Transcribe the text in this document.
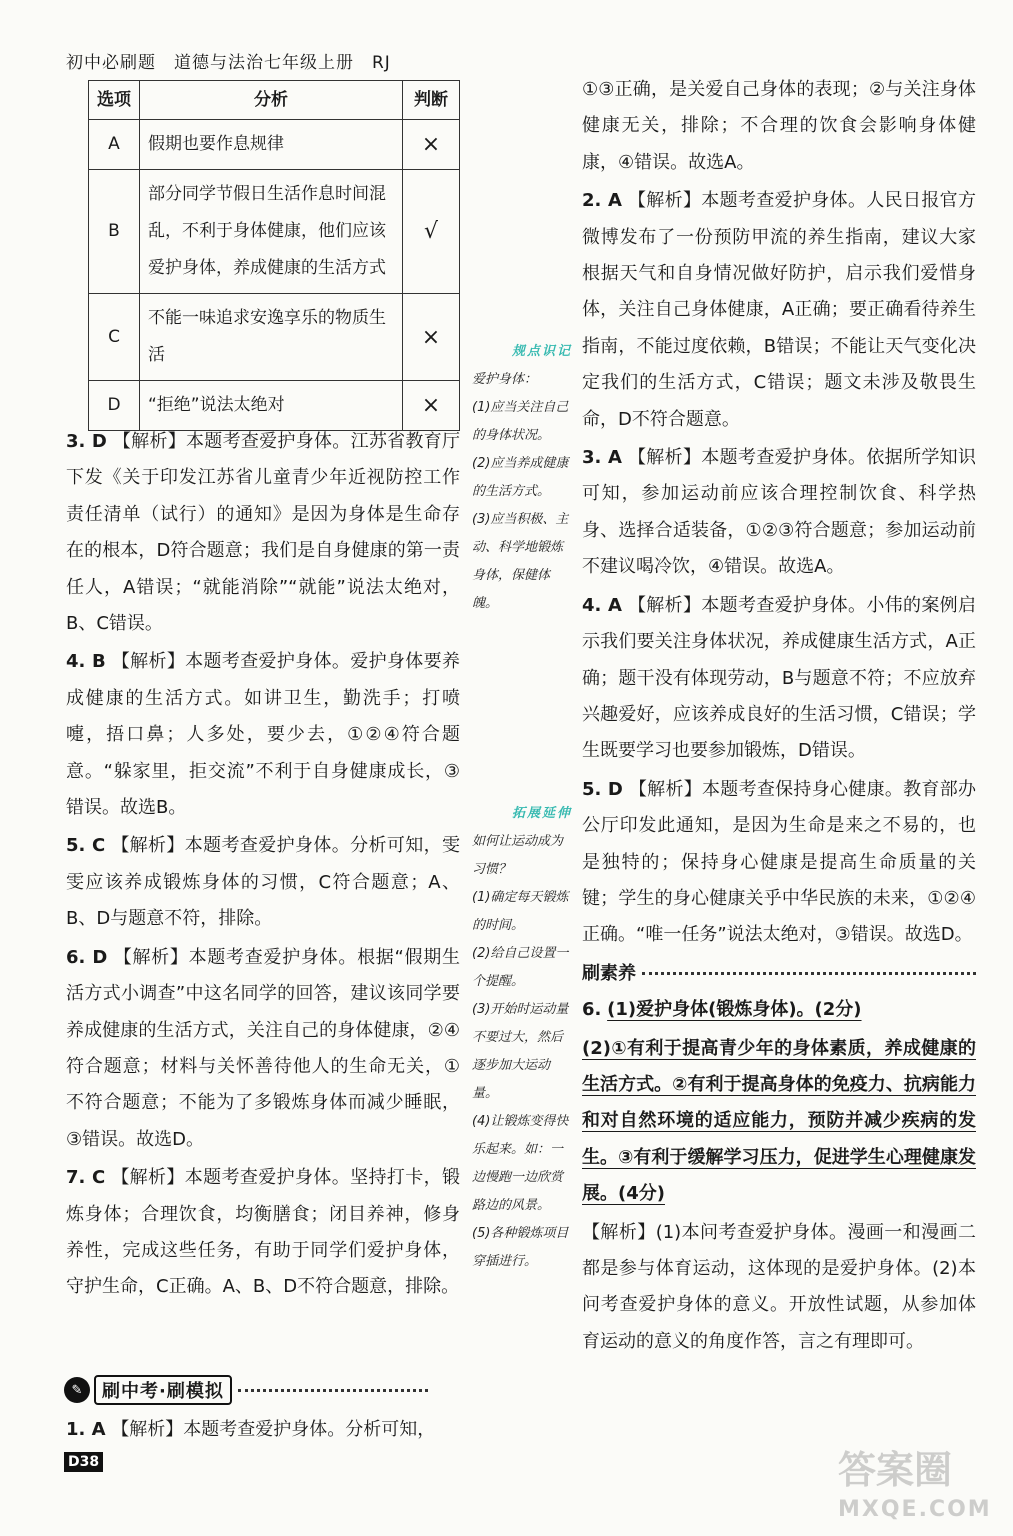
初中必刷题 道德与法治七年级上册 RJ
选项	分析	判断
A	假期也要作息规律	×
B	部分同学节假日生活作息时间混乱，不利于身体健康，他们应该爱护身体，养成健康的生活方式	√
C	不能一味追求安逸享乐的物质生活	×
D	“拒绝”说法太绝对	×
3. D 【解析】本题考查爱护身体。江苏省教育厅下发《关于印发江苏省儿童青少年近视防控工作责任清单（试行）的通知》是因为身体是生命存在的根本，D符合题意；我们是自身健康的第一责任人，A错误；“就能消除”“就能”说法太绝对，B、C错误。
4. B 【解析】本题考查爱护身体。爱护身体要养成健康的生活方式。如讲卫生，勤洗手；打喷嚏，捂口鼻；人多处，要少去，①②④符合题意。“躲家里，拒交流”不利于自身健康成长，③错误。故选B。
5. C 【解析】本题考查爱护身体。分析可知，雯雯应该养成锻炼身体的习惯，C符合题意；A、B、D与题意不符，排除。
6. D 【解析】本题考查爱护身体。根据“假期生活方式小调查”中这名同学的回答，建议该同学要养成健康的生活方式，关注自己的身体健康，②④符合题意；材料与关怀善待他人的生命无关，①不符合题意；不能为了多锻炼身体而减少睡眠，③错误。故选D。
7. C 【解析】本题考查爱护身体。坚持打卡，锻炼身体；合理饮食，均衡膳食；闭目养神，修身养性，完成这些任务，有助于同学们爱护身体，守护生命，C正确。A、B、D不符合题意，排除。
✎	刷中考·刷模拟
1. A 【解析】本题考查爱护身体。分析可知，
规点识记
爱护身体：
(1)应当关注自己的身体状况。
(2)应当养成健康的生活方式。
(3)应当积极、主动、科学地锻炼身体，保健体魄。
拓展延伸
如何让运动成为习惯？
(1)确定每天锻炼的时间。
(2)给自己设置一个提醒。
(3)开始时运动量不要过大，然后逐步加大运动量。
(4)让锻炼变得快乐起来。如：一边慢跑一边欣赏路边的风景。
(5)各种锻炼项目穿插进行。
①③正确，是关爱自己身体的表现；②与关注身体健康无关，排除；不合理的饮食会影响身体健康，④错误。故选A。
2. A 【解析】本题考查爱护身体。人民日报官方微博发布了一份预防甲流的养生指南，建议大家根据天气和自身情况做好防护，启示我们爱惜身体，关注自己身体健康，A正确；要正确看待养生指南，不能过度依赖，B错误；不能让天气变化决定我们的生活方式，C错误；题文未涉及敬畏生命，D不符合题意。
3. A 【解析】本题考查爱护身体。依据所学知识可知，参加运动前应该合理控制饮食、科学热身、选择合适装备，①②③符合题意；参加运动前不建议喝冷饮，④错误。故选A。
4. A 【解析】本题考查爱护身体。小伟的案例启示我们要关注身体状况，养成健康生活方式，A正确；题干没有体现劳动，B与题意不符；不应放弃兴趣爱好，应该养成良好的生活习惯，C错误；学生既要学习也要参加锻炼，D错误。
5. D 【解析】本题考查保持身心健康。教育部办公厅印发此通知，是因为生命是来之不易的，也是独特的；保持身心健康是提高生命质量的关键；学生的身心健康关乎中华民族的未来，①②④正确。“唯一任务”说法太绝对，③错误。故选D。
刷素养
6. (1)爱护身体(锻炼身体)。(2分)
(2)①有利于提高青少年的身体素质，养成健康的生活方式。②有利于提高身体的免疫力、抗病能力和对自然环境的适应能力，预防并减少疾病的发生。③有利于缓解学习压力，促进学生心理健康发展。(4分)
【解析】(1)本问考查爱护身体。漫画一和漫画二都是参与体育运动，这体现的是爱护身体。(2)本问考查爱护身体的意义。开放性试题，从参加体育运动的意义的角度作答，言之有理即可。
D38	答案圈
MXQE.COM
